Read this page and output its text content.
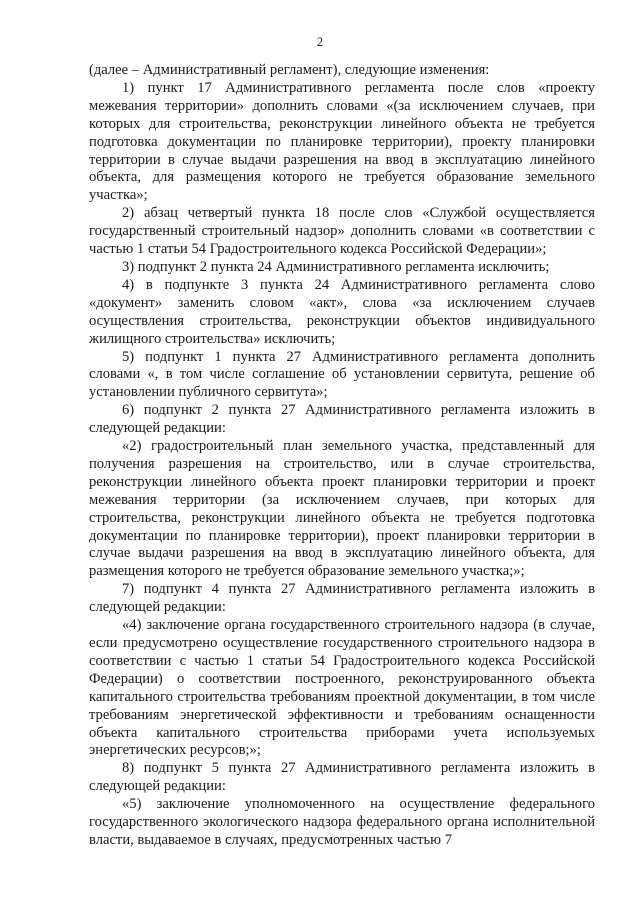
2

(далее – Административный регламент), следующие изменения:

1) пункт 17 Административного регламента после слов «проекту межевания территории» дополнить словами «(за исключением случаев, при которых для строительства, реконструкции линейного объекта не требуется подготовка документации по планировке территории), проекту планировки территории в случае выдачи разрешения на ввод в эксплуатацию линейного объекта, для размещения которого не требуется образование земельного участка»;

2) абзац четвертый пункта 18 после слов «Службой осуществляется государственный строительный надзор» дополнить словами «в соответствии с частью 1 статьи 54 Градостроительного кодекса Российской Федерации»;

3) подпункт 2 пункта 24 Административного регламента исключить;

4) в подпункте 3 пункта 24 Административного регламента слово «документ» заменить словом «акт», слова «за исключением случаев осуществления строительства, реконструкции объектов индивидуального жилищного строительства» исключить;

5) подпункт 1 пункта 27 Административного регламента дополнить словами «, в том числе соглашение об установлении сервитута, решение об установлении публичного сервитута»;

6) подпункт 2 пункта 27 Административного регламента изложить в следующей редакции:

«2) градостроительный план земельного участка, представленный для получения разрешения на строительство, или в случае строительства, реконструкции линейного объекта проект планировки территории и проект межевания территории (за исключением случаев, при которых для строительства, реконструкции линейного объекта не требуется подготовка документации по планировке территории), проект планировки территории в случае выдачи разрешения на ввод в эксплуатацию линейного объекта, для размещения которого не требуется образование земельного участка;»;

7) подпункт 4 пункта 27 Административного регламента изложить в следующей редакции:

«4) заключение органа государственного строительного надзора (в случае, если предусмотрено осуществление государственного строительного надзора в соответствии с частью 1 статьи 54 Градостроительного кодекса Российской Федерации) о соответствии построенного, реконструированного объекта капитального строительства требованиям проектной документации, в том числе требованиям энергетической эффективности и требованиям оснащенности объекта капитального строительства приборами учета используемых энергетических ресурсов;»;

8) подпункт 5 пункта 27 Административного регламента изложить в следующей редакции:

«5) заключение уполномоченного на осуществление федерального государственного экологического надзора федерального органа исполнительной власти, выдаваемое в случаях, предусмотренных частью 7
